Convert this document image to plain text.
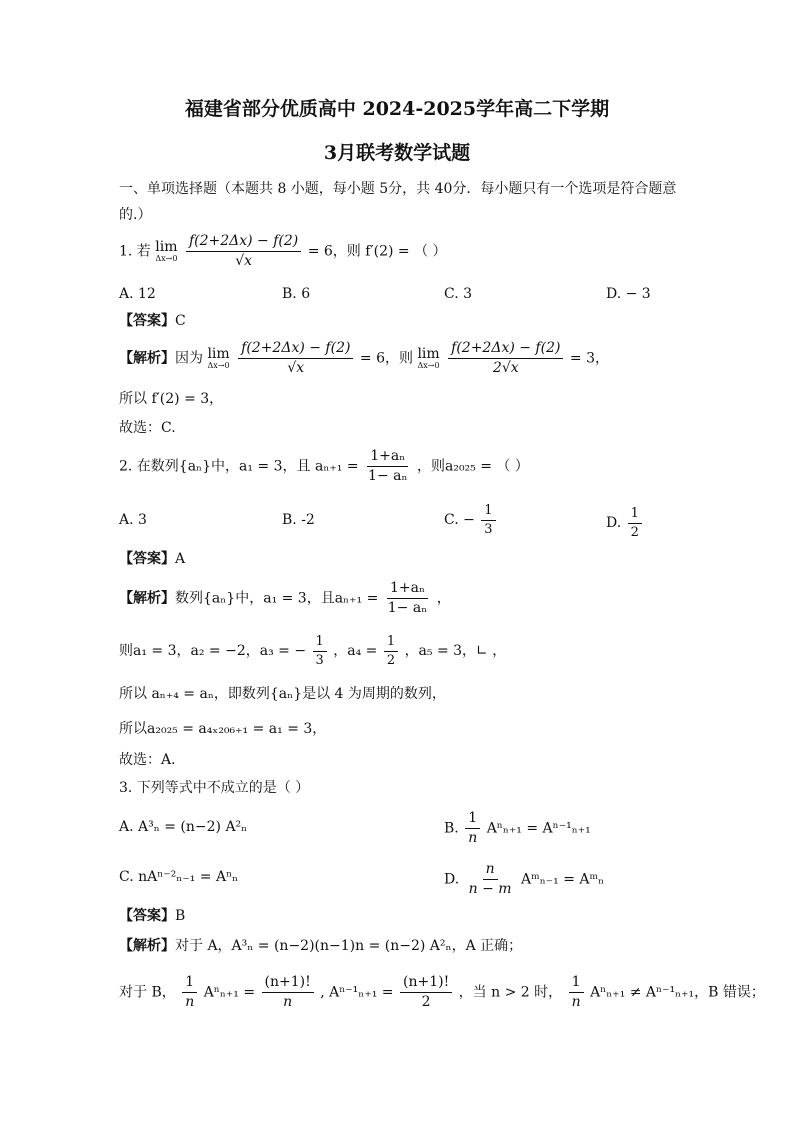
福建省部分优质高中 2024-2025学年高二下学期
3月联考数学试题
一、单项选择题（本题共 8 小题，每小题 5分，共 40分．每小题只有一个选项是符合题意
的.）
1. 若 lim
Δx→0
$\frac{f(2+2\Delta x) - f(2)}{√x} = 6$，则 f′(2) = （ ）
A. 12	B. 6	C. 3	D. − 3
【答案】C
【解析】因为 lim
Δx→0
$\frac{f(2+2\Delta x) - f(2)}{√x} = 6$，则 lim
Δx→0
$\frac{f(2+2\Delta x) - f(2)}{2√x} = 3$，
所以 f′(2) = 3，
故选：C.
2. 在数列{aₙ}中，a₁ = 3，且 $a_{n+1} = \frac{\text{1+aₙ}}{\text{1− aₙ}}$ ，则a₂₀₂₅ = （ ）
A. 3	B. -2	C. − $\frac{1}{3}$	D. $\frac{1}{2}$
【答案】A
【解析】数列{aₙ}中，a₁ = 3，且$a_{n+1} = \frac{\text{1+aₙ}}{\text{1− aₙ}}$ ，
则a₁ = 3，a₂ = −2，a₃ = − $\frac{1}{3}$ ，$a_4 = \frac{1}{2}$ ，a₅ = 3，∟ ，
所以 aₙ₊₄ = aₙ，即数列{aₙ}是以 4 为周期的数列，
所以a₂₀₂₅ = a₄ₓ₂₀₆₊₁ = a₁ = 3，
故选：A．
3. 下列等式中不成立的是（ ）
A. A³ₙ = (n−2) A²ₙ	B. $\frac{1}{n} A^n_{n+1} = A^{n-1}_{n+1}$
C. nAⁿ⁻²ₙ₋₁ = Aⁿₙ	D. $\frac{n}{n - m}$ Aᵐₙ₋₁ = Aᵐₙ
【答案】B
【解析】对于 A，A³ₙ = (n−2)(n−1)n = (n−2) A²ₙ，A 正确；
对于 B， $\frac{1}{n} A^n_{n+1} = \frac{(n+1)!}{n}$ , $A^{n-1}_{n+1} = \frac{(n+1)!}{2}$ ，当 n > 2 时， $\frac{1}{n} A^n_{n+1} \ne A^{n-1}_{n+1}$，B 错误；
